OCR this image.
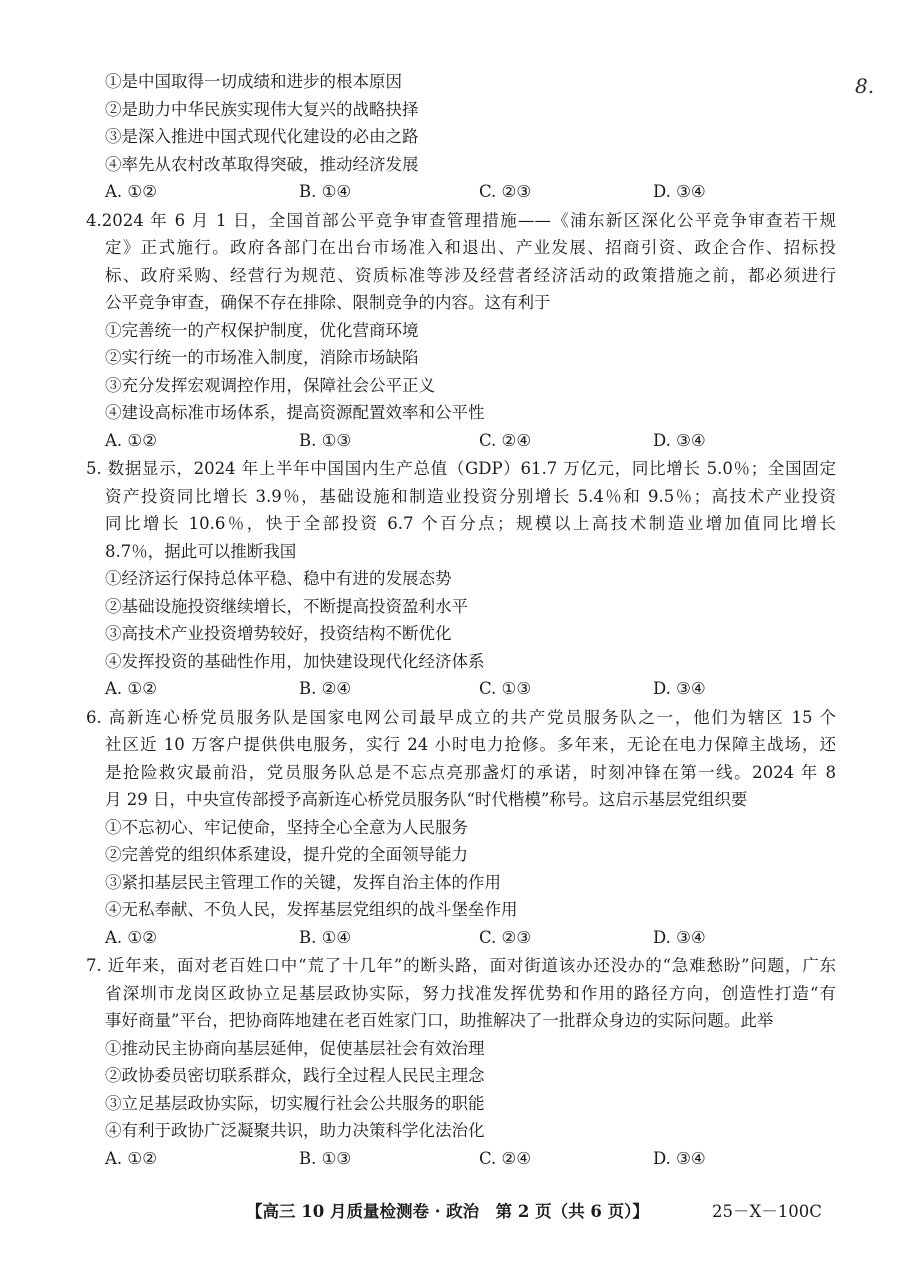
8.
①是中国取得一切成绩和进步的根本原因
②是助力中华民族实现伟大复兴的战略抉择
③是深入推进中国式现代化建设的必由之路
④率先从农村改革取得突破，推动经济发展
A. ①②	B. ①④	C. ②③	D. ③④
4.2024 年 6 月 1 日，全国首部公平竞争审查管理措施——《浦东新区深化公平竞争审查若干规
定》正式施行。政府各部门在出台市场准入和退出、产业发展、招商引资、政企合作、招标投
标、政府采购、经营行为规范、资质标准等涉及经营者经济活动的政策措施之前，都必须进行
公平竞争审查，确保不存在排除、限制竞争的内容。这有利于
①完善统一的产权保护制度，优化营商环境
②实行统一的市场准入制度，消除市场缺陷
③充分发挥宏观调控作用，保障社会公平正义
④建设高标准市场体系，提高资源配置效率和公平性
A. ①②	B. ①③	C. ②④	D. ③④
5. 数据显示，2024 年上半年中国国内生产总值（GDP）61.7 万亿元，同比增长 5.0％；全国固定
资产投资同比增长 3.9％，基础设施和制造业投资分别增长 5.4％和 9.5％；高技术产业投资
同比增长 10.6％，快于全部投资 6.7 个百分点；规模以上高技术制造业增加值同比增长
8.7％，据此可以推断我国
①经济运行保持总体平稳、稳中有进的发展态势
②基础设施投资继续增长，不断提高投资盈利水平
③高技术产业投资增势较好，投资结构不断优化
④发挥投资的基础性作用，加快建设现代化经济体系
A. ①②	B. ②④	C. ①③	D. ③④
6. 高新连心桥党员服务队是国家电网公司最早成立的共产党员服务队之一，他们为辖区 15 个
社区近 10 万客户提供供电服务，实行 24 小时电力抢修。多年来，无论在电力保障主战场，还
是抢险救灾最前沿，党员服务队总是不忘点亮那盏灯的承诺，时刻冲锋在第一线。2024 年 8
月 29 日，中央宣传部授予高新连心桥党员服务队“时代楷模”称号。这启示基层党组织要
①不忘初心、牢记使命，坚持全心全意为人民服务
②完善党的组织体系建设，提升党的全面领导能力
③紧扣基层民主管理工作的关键，发挥自治主体的作用
④无私奉献、不负人民，发挥基层党组织的战斗堡垒作用
A. ①②	B. ①④	C. ②③	D. ③④
7. 近年来，面对老百姓口中“荒了十几年”的断头路，面对街道该办还没办的“急难愁盼”问题，广东
省深圳市龙岗区政协立足基层政协实际，努力找准发挥优势和作用的路径方向，创造性打造“有
事好商量”平台，把协商阵地建在老百姓家门口，助推解决了一批群众身边的实际问题。此举
①推动民主协商向基层延伸，促使基层社会有效治理
②政协委员密切联系群众，践行全过程人民民主理念
③立足基层政协实际，切实履行社会公共服务的职能
④有利于政协广泛凝聚共识，助力决策科学化法治化
A. ①②	B. ①③	C. ②④	D. ③④
【高三 10 月质量检测卷 · 政治　第 2 页（共 6 页）】	25－X－100C
